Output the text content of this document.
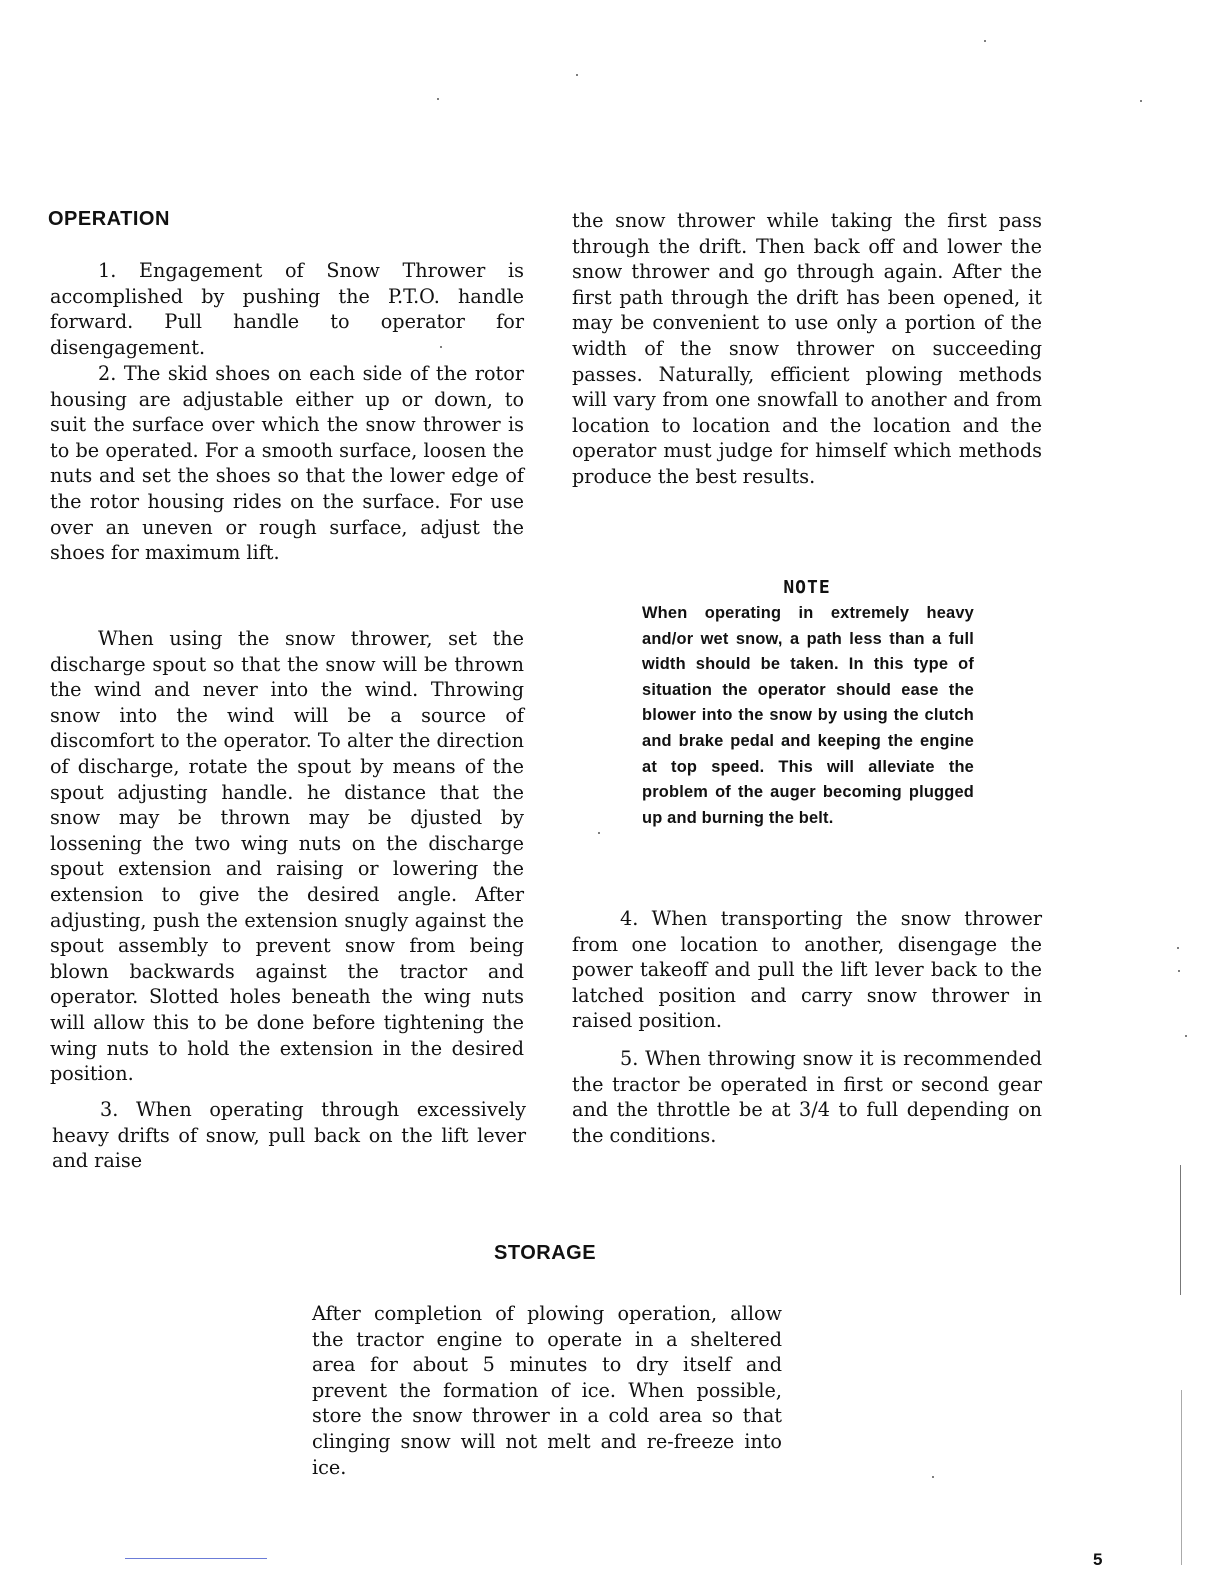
OPERATION

1. Engagement of Snow Thrower is accomplished by pushing the P.T.O. handle forward. Pull handle to operator for disengagement.

2. The skid shoes on each side of the rotor housing are adjustable either up or down, to suit the surface over which the snow thrower is to be operated. For a smooth surface, loosen the nuts and set the shoes so that the lower edge of the rotor housing rides on the surface. For use over an uneven or rough surface, adjust the shoes for maximum lift.

When using the snow thrower, set the discharge spout so that the snow will be thrown the wind and never into the wind. Throwing snow into the wind will be a source of discomfort to the operator. To alter the direction of discharge, rotate the spout by means of the spout adjusting handle. he distance that the snow may be thrown may be djusted by lossening the two wing nuts on the discharge spout extension and raising or lowering the extension to give the desired angle. After adjusting, push the extension snugly against the spout assembly to prevent snow from being blown backwards against the tractor and operator. Slotted holes beneath the wing nuts will allow this to be done before tightening the wing nuts to hold the extension in the desired position.

3. When operating through excessively heavy drifts of snow, pull back on the lift lever and raise

the snow thrower while taking the first pass through the drift. Then back off and lower the snow thrower and go through again. After the first path through the drift has been opened, it may be convenient to use only a portion of the width of the snow thrower on succeeding passes. Naturally, efficient plowing methods will vary from one snowfall to another and from location to location and the location and the operator must judge for himself which methods produce the best results.

NOTE

When operating in extremely heavy and/or wet snow, a path less than a full width should be taken. In this type of situation the operator should ease the blower into the snow by using the clutch and brake pedal and keeping the engine at top speed. This will alleviate the problem of the auger becoming plugged up and burning the belt.

4. When transporting the snow thrower from one location to another, disengage the power takeoff and pull the lift lever back to the latched position and carry snow thrower in raised position.

5. When throwing snow it is recommended the tractor be operated in first or second gear and the throttle be at 3/4 to full depending on the conditions.

STORAGE

After completion of plowing operation, allow the tractor engine to operate in a sheltered area for about 5 minutes to dry itself and prevent the formation of ice. When possible, store the snow thrower in a cold area so that clinging snow will not melt and re-freeze into ice.

5
